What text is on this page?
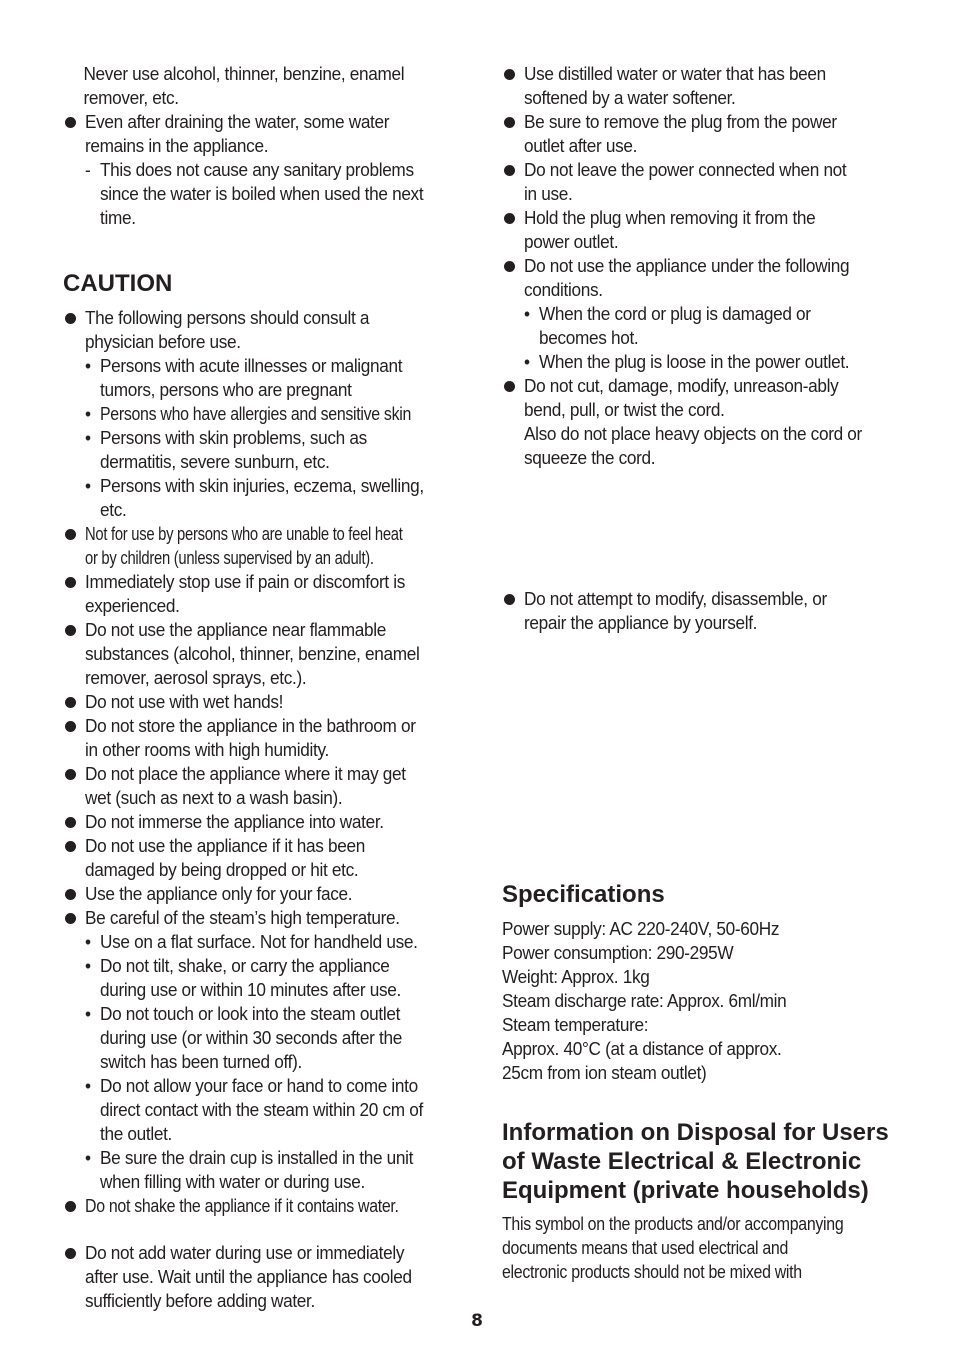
Never use alcohol, thinner, benzine, enamel
remover, etc.
Even after draining the water, some water
remains in the appliance.
- This does not cause any sanitary problems
since the water is boiled when used the next
time.
CAUTION
The following persons should consult a
physician before use.
• Persons with acute illnesses or malignant
tumors, persons who are pregnant
• Persons who have allergies and sensitive skin
• Persons with skin problems, such as
dermatitis, severe sunburn, etc.
• Persons with skin injuries, eczema, swelling,
etc.
Not for use by persons who are unable to feel heat
or by children (unless supervised by an adult).
Immediately stop use if pain or discomfort is
experienced.
Do not use the appliance near flammable
substances (alcohol, thinner, benzine, enamel
remover, aerosol sprays, etc.).
Do not use with wet hands!
Do not store the appliance in the bathroom or
in other rooms with high humidity.
Do not place the appliance where it may get
wet (such as next to a wash basin).
Do not immerse the appliance into water.
Do not use the appliance if it has been
damaged by being dropped or hit etc.
Use the appliance only for your face.
Be careful of the steam’s high temperature.
• Use on a flat surface. Not for handheld use.
• Do not tilt, shake, or carry the appliance
during use or within 10 minutes after use.
• Do not touch or look into the steam outlet
during use (or within 30 seconds after the
switch has been turned off).
• Do not allow your face or hand to come into
direct contact with the steam within 20 cm of
the outlet.
• Be sure the drain cup is installed in the unit
when filling with water or during use.
Do not shake the appliance if it contains water.
Do not add water during use or immediately
after use. Wait until the appliance has cooled
sufficiently before adding water.
Use distilled water or water that has been
softened by a water softener.
Be sure to remove the plug from the power
outlet after use.
Do not leave the power connected when not
in use.
Hold the plug when removing it from the
power outlet.
Do not use the appliance under the following
conditions.
• When the cord or plug is damaged or
becomes hot.
• When the plug is loose in the power outlet.
Do not cut, damage, modify, unreason-ably
bend, pull, or twist the cord.
Also do not place heavy objects on the cord or
squeeze the cord.
Do not attempt to modify, disassemble, or
repair the appliance by yourself.
Specifications
Power supply: AC 220-240V, 50-60Hz
Power consumption: 290-295W
Weight: Approx. 1kg
Steam discharge rate: Approx. 6ml/min
Steam temperature:
Approx. 40°C (at a distance of approx.
25cm from ion steam outlet)
Information on Disposal for Users
of Waste Electrical & Electronic
Equipment (private households)
This symbol on the products and/or accompanying
documents means that used electrical and
electronic products should not be mixed with
8
